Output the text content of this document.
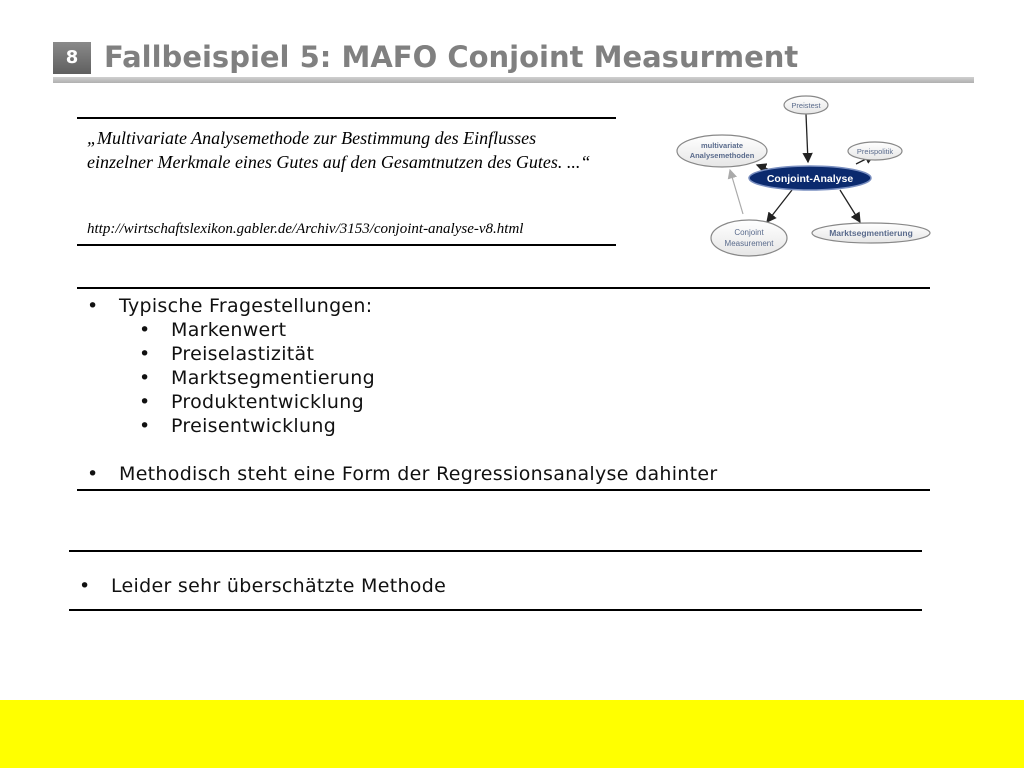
8 Fallbeispiel 5: MAFO Conjoint Measurment
„Multivariate Analysemethode zur Bestimmung des Einflusses einzelner Merkmale eines Gutes auf den Gesamtnutzen des Gutes. ...“
http://wirtschaftslexikon.gabler.de/Archiv/3153/conjoint-analyse-v8.html
Preistest
Preispolitik
multivariate
Analysemethoden
Conjoint-Analyse
Conjoint
Measurement
Marktsegmentierung
• Typische Fragestellungen:
• Markenwert
• Preiselastizität
• Marktsegmentierung
• Produktentwicklung
• Preisentwicklung
• Methodisch steht eine Form der Regressionsanalyse dahinter
• Leider sehr überschätzte Methode
